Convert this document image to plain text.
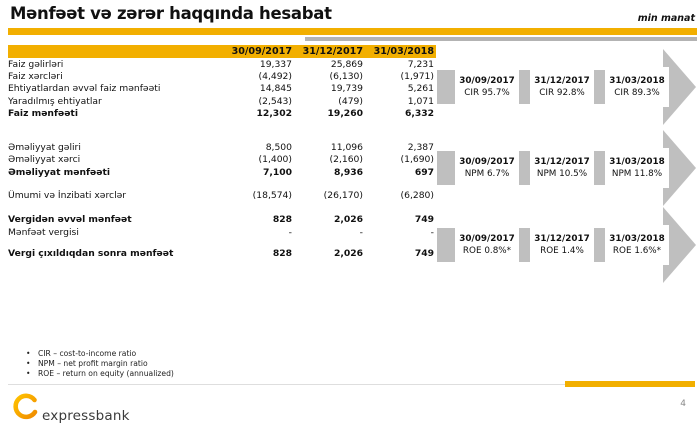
Mənfəət və zərər haqqında hesabat	min manat
30/09/2017	31/12/2017	31/03/2018
Faiz gəlirləri	19,337	25,869	7,231
Faiz xərcləri	(4,492)	(6,130)	(1,971)
Ehtiyatlardan əvvəl faiz mənfəəti	14,845	19,739	5,261
Yaradılmış ehtiyatlar	(2,543)	(479)	1,071
Faiz mənfəəti	12,302	19,260	6,332
Əməliyyat gəliri	8,500	11,096	2,387
Əməliyyat xərci	(1,400)	(2,160)	(1,690)
Əməliyyat mənfəəti	7,100	8,936	697
Ümumi və İnzibati xərclər	(18,574)	(26,170)	(6,280)
Vergidən əvvəl mənfəət	828	2,026	749
Mənfəət vergisi	-	-	-
Vergi çıxıldıqdan sonra mənfəət	828	2,026	749
30/09/2017
CIR 95.7%
31/12/2017
CIR 92.8%
31/03/2018
CIR 89.3%
30/09/2017
NPM 6.7%
31/12/2017
NPM 10.5%
31/03/2018
NPM 11.8%
30/09/2017
ROE 0.8%*
31/12/2017
ROE 1.4%
31/03/2018
ROE 1.6%*
• CIR – cost-to-income ratio
• NPM – net profit margin ratio
• ROE – return on equity (annualized)
4
expressbank
